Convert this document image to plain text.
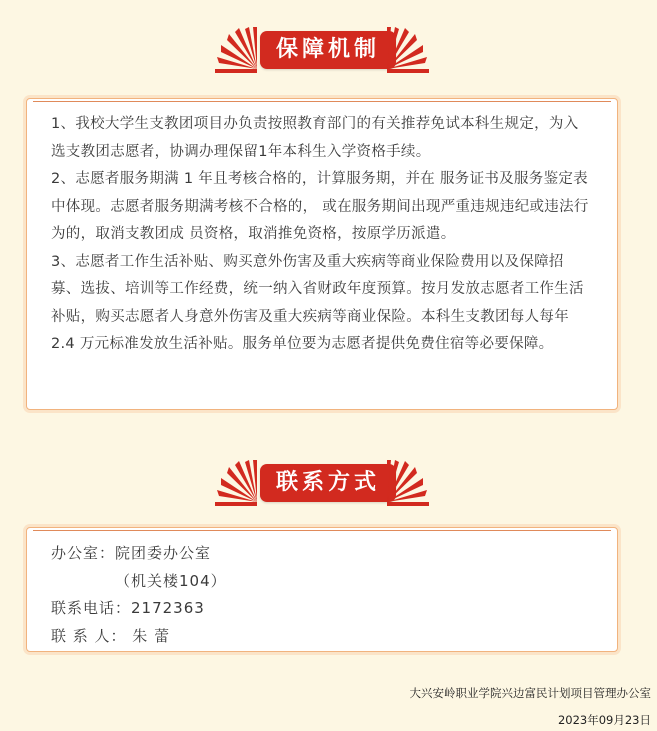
保障机制

1、我校大学生支教团项目办负责按照教育部门的有关推荐免试本科生规定，为入选支教团志愿者，协调办理保留1年本科生入学资格手续。

2、志愿者服务期满 1 年且考核合格的，计算服务期，并在 服务证书及服务鉴定表中体现。志愿者服务期满考核不合格的， 或在服务期间出现严重违规违纪或违法行为的，取消支教团成 员资格，取消推免资格，按原学历派遣。

3、志愿者工作生活补贴、购买意外伤害及重大疾病等商业保险费用以及保障招募、选拔、培训等工作经费，统一纳入省财政年度预算。按月发放志愿者工作生活补贴，购买志愿者人身意外伤害及重大疾病等商业保险。本科生支教团每人每年 2.4 万元标准发放生活补贴。服务单位要为志愿者提供免费住宿等必要保障。

联系方式

办公室：院团委办公室

（机关楼104）

联系电话：2172363

联 系 人： 朱 蕾

大兴安岭职业学院兴边富民计划项目管理办公室
2023年09月23日
